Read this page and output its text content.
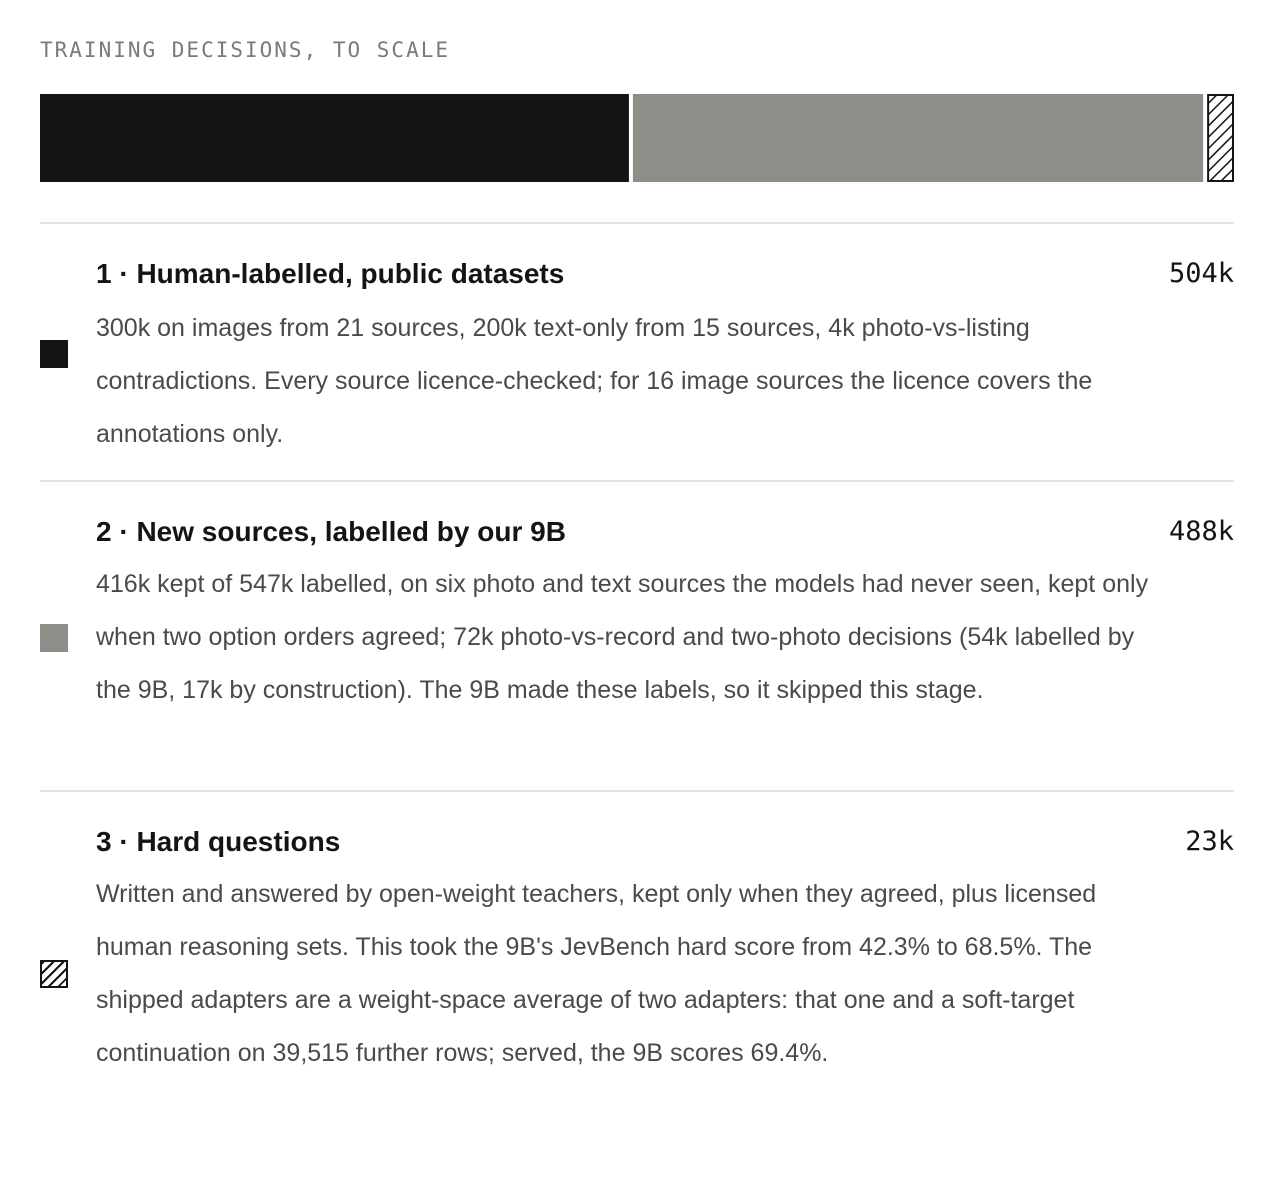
TRAINING DECISIONS, TO SCALE
1 · Human-labelled, public datasets	504k
300k on images from 21 sources, 200k text-only from 15 sources, 4k photo-vs-listing contradictions. Every source licence-checked; for 16 image sources the licence covers the annotations only.
2 · New sources, labelled by our 9B	488k
416k kept of 547k labelled, on six photo and text sources the models had never seen, kept only when two option orders agreed; 72k photo-vs-record and two-photo decisions (54k labelled by the 9B, 17k by construction). The 9B made these labels, so it skipped this stage.
3 · Hard questions	23k
Written and answered by open-weight teachers, kept only when they agreed, plus licensed human reasoning sets. This took the 9B's JevBench hard score from 42.3% to 68.5%. The shipped adapters are a weight-space average of two adapters: that one and a soft-target continuation on 39,515 further rows; served, the 9B scores 69.4%.
